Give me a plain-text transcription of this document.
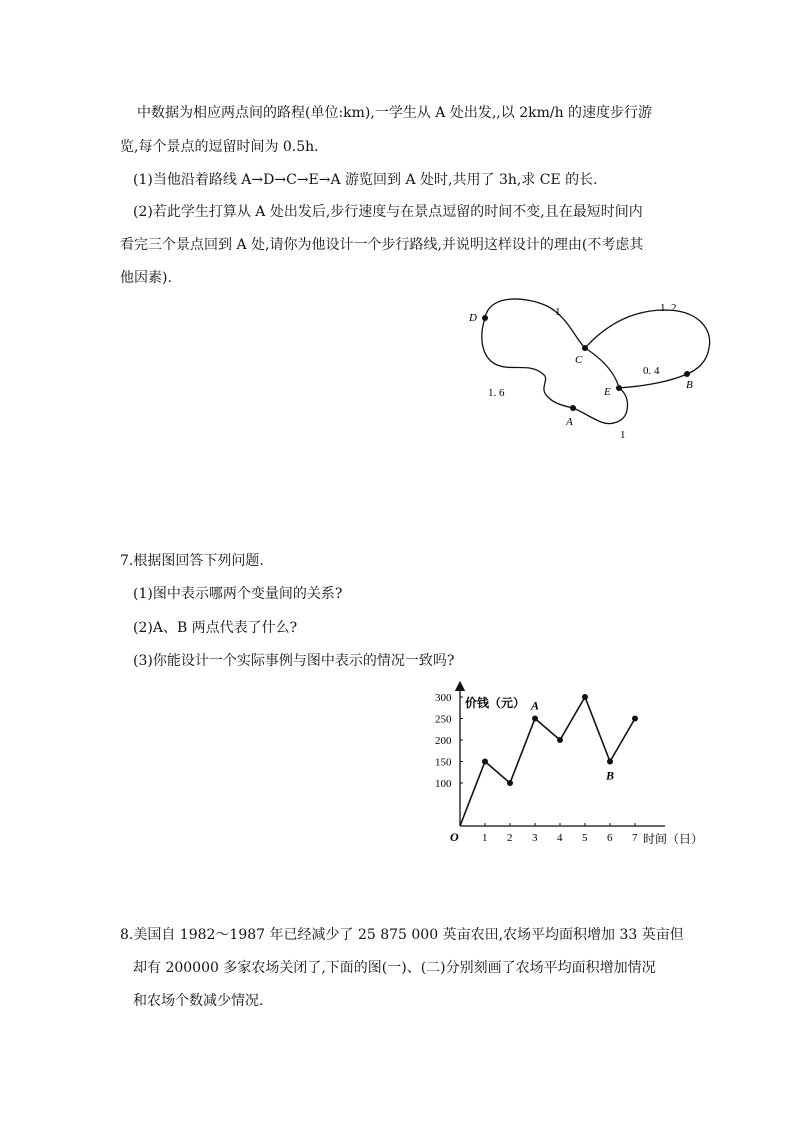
中数据为相应两点间的路程(单位:km),一学生从 A 处出发,,以 2km/h 的速度步行游
览,每个景点的逗留时间为 0.5h.
(1)当他沿着路线 A→D→C→E→A 游览回到 A 处时,共用了 3h,求 CE 的长.
(2)若此学生打算从 A 处出发后,步行速度与在景点逗留的时间不变,且在最短时间内
看完三个景点回到 A 处,请你为他设计一个步行路线,并说明这样设计的理由(不考虑其
他因素).
D
C
E
B
A
1	1. 2
0. 4
1. 6
1
7.根据图回答下列问题.
(1)图中表示哪两个变量间的关系?
(2)A、B 两点代表了什么?
(3)你能设计一个实际事例与图中表示的情况一致吗?
价钱（元）
时间（日）
O 1 2 3 4 5 6 7
100
150
200
250
300
A
B
8.美国自 1982～1987 年已经减少了 25 875 000 英亩农田,农场平均面积增加 33 英亩但
却有 200000 多家农场关闭了,下面的图(一)、(二)分别刻画了农场平均面积增加情况
和农场个数减少情况.
